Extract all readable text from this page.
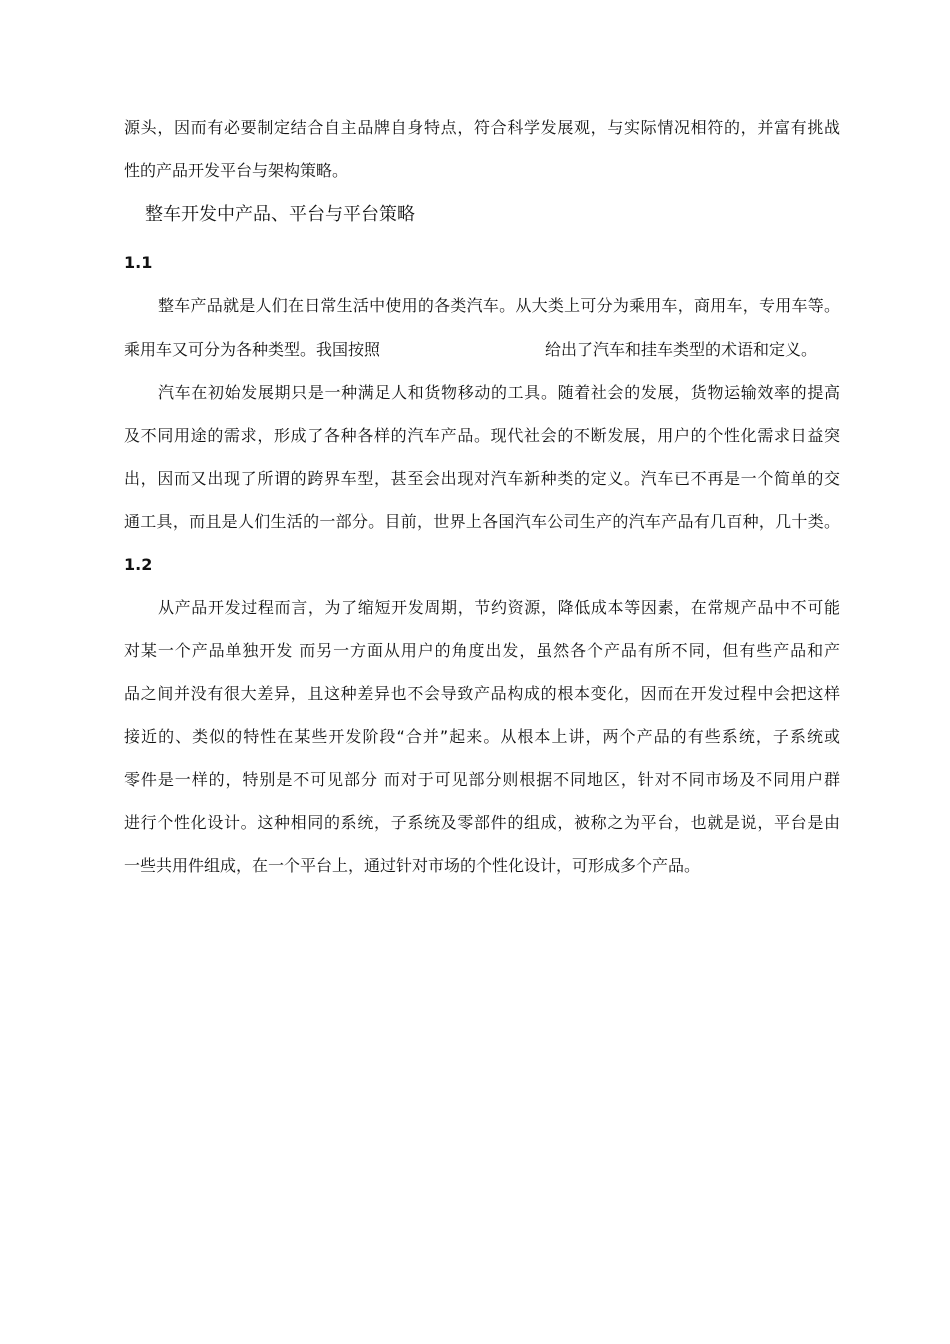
源头，因而有必要制定结合自主品牌自身特点，符合科学发展观，与实际情况相符的，并富有挑战
性的产品开发平台与架构策略。
整车开发中产品、平台与平台策略
1.1
整车产品就是人们在日常生活中使用的各类汽车。从大类上可分为乘用车，商用车，专用车等。
乘用车又可分为各种类型。我国按照	给出了汽车和挂车类型的术语和定义。
汽车在初始发展期只是一种满足人和货物移动的工具。随着社会的发展，货物运输效率的提高
及不同用途的需求，形成了各种各样的汽车产品。现代社会的不断发展，用户的个性化需求日益突
出，因而又出现了所谓的跨界车型，甚至会出现对汽车新种类的定义。汽车已不再是一个简单的交
通工具，而且是人们生活的一部分。目前，世界上各国汽车公司生产的汽车产品有几百种，几十类。
1.2
从产品开发过程而言，为了缩短开发周期，节约资源，降低成本等因素，在常规产品中不可能
对某一个产品单独开发 而另一方面从用户的角度出发，虽然各个产品有所不同，但有些产品和产
品之间并没有很大差异，且这种差异也不会导致产品构成的根本变化，因而在开发过程中会把这样
接近的、类似的特性在某些开发阶段“合并”起来。从根本上讲，两个产品的有些系统，子系统或
零件是一样的，特别是不可见部分 而对于可见部分则根据不同地区，针对不同市场及不同用户群
进行个性化设计。这种相同的系统，子系统及零部件的组成，被称之为平台，也就是说，平台是由
一些共用件组成，在一个平台上，通过针对市场的个性化设计，可形成多个产品。
